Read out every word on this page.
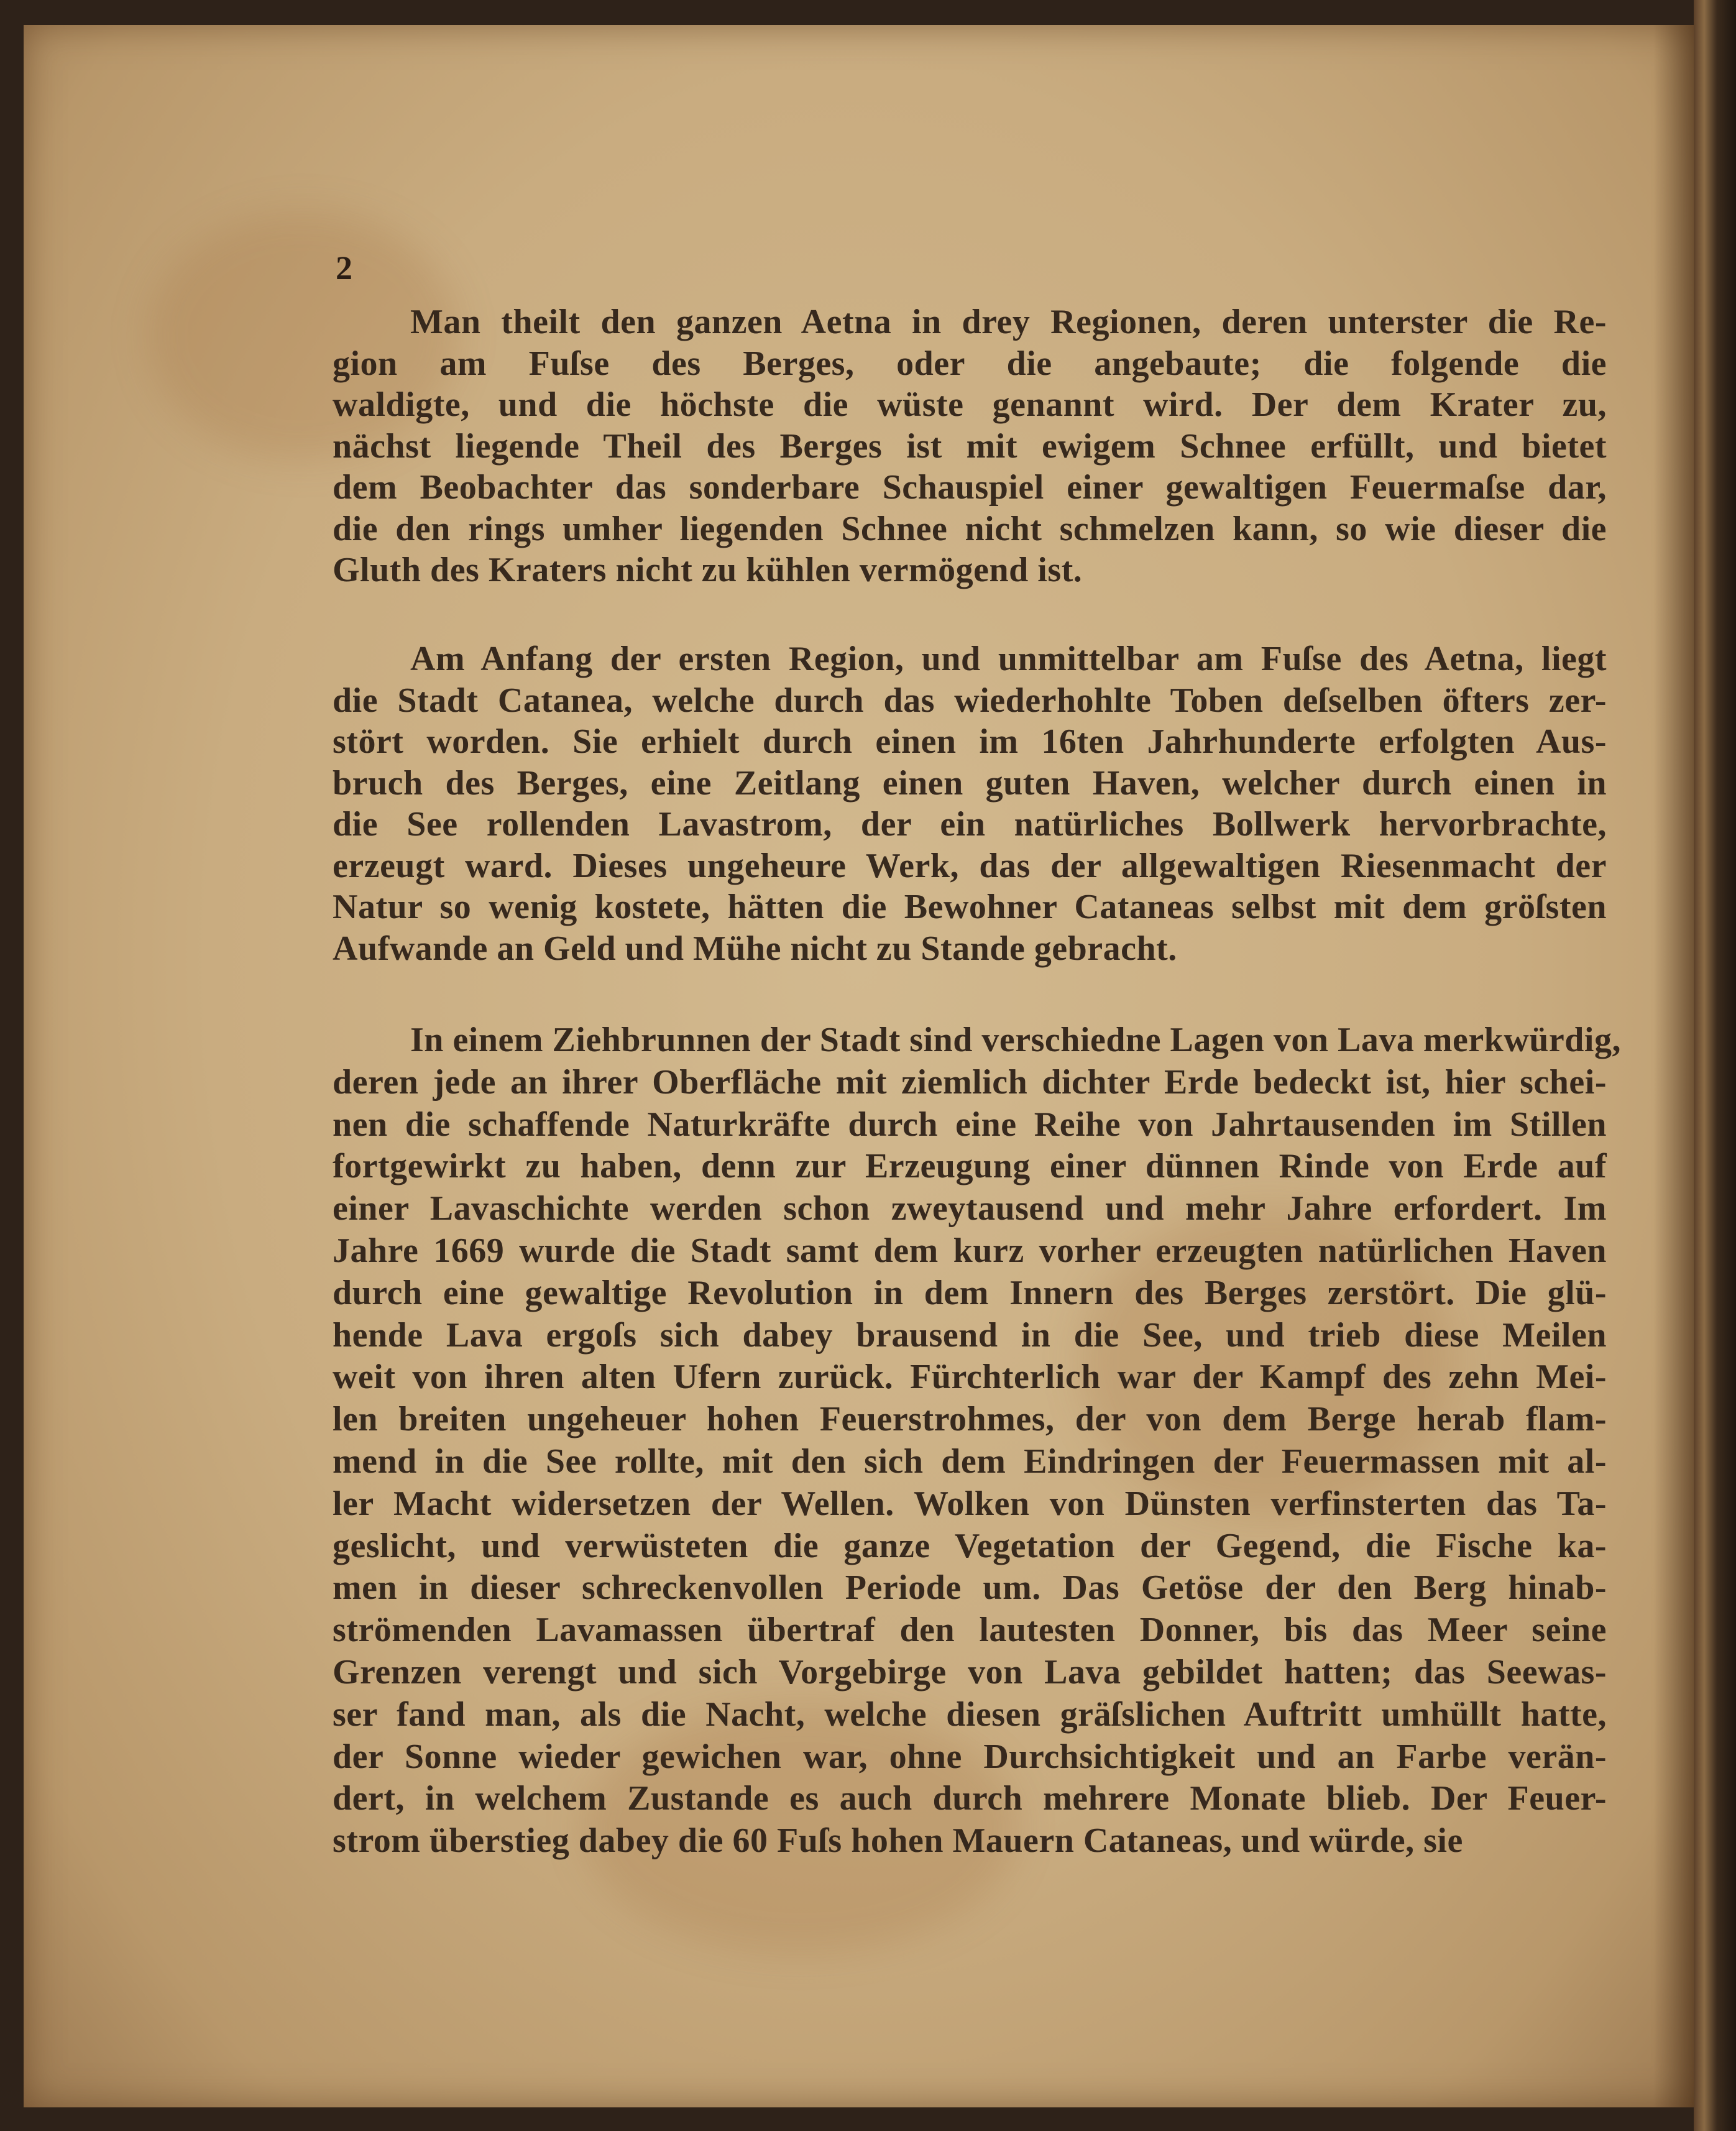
2
Man theilt den ganzen Aetna in drey Regionen, deren unterster die Re-
gion am Fuſse des Berges, oder die angebaute; die folgende die
waldigte, und die höchste die wüste genannt wird. Der dem Krater zu,
nächst liegende Theil des Berges ist mit ewigem Schnee erfüllt, und bietet
dem Beobachter das sonderbare Schauspiel einer gewaltigen Feuermaſse dar,
die den rings umher liegenden Schnee nicht schmelzen kann, so wie dieser die
Gluth des Kraters nicht zu kühlen vermögend ist.
Am Anfang der ersten Region, und unmittelbar am Fuſse des Aetna, liegt
die Stadt Catanea, welche durch das wiederhohlte Toben deſselben öfters zer-
stört worden. Sie erhielt durch einen im 16ten Jahrhunderte erfolgten Aus-
bruch des Berges, eine Zeitlang einen guten Haven, welcher durch einen in
die See rollenden Lavastrom, der ein natürliches Bollwerk hervorbrachte,
erzeugt ward. Dieses ungeheure Werk, das der allgewaltigen Riesenmacht der
Natur so wenig kostete, hätten die Bewohner Cataneas selbst mit dem gröſsten
Aufwande an Geld und Mühe nicht zu Stande gebracht.
In einem Ziehbrunnen der Stadt sind verschiedne Lagen von Lava merkwürdig,
deren jede an ihrer Oberfläche mit ziemlich dichter Erde bedeckt ist, hier schei-
nen die schaffende Naturkräfte durch eine Reihe von Jahrtausenden im Stillen
fortgewirkt zu haben, denn zur Erzeugung einer dünnen Rinde von Erde auf
einer Lavaschichte werden schon zweytausend und mehr Jahre erfordert. Im
Jahre 1669 wurde die Stadt samt dem kurz vorher erzeugten natürlichen Haven
durch eine gewaltige Revolution in dem Innern des Berges zerstört. Die glü-
hende Lava ergoſs sich dabey brausend in die See, und trieb diese Meilen
weit von ihren alten Ufern zurück. Fürchterlich war der Kampf des zehn Mei-
len breiten ungeheuer hohen Feuerstrohmes, der von dem Berge herab flam-
mend in die See rollte, mit den sich dem Eindringen der Feuermassen mit al-
ler Macht widersetzen der Wellen. Wolken von Dünsten verfinsterten das Ta-
geslicht, und verwüsteten die ganze Vegetation der Gegend, die Fische ka-
men in dieser schreckenvollen Periode um. Das Getöse der den Berg hinab-
strömenden Lavamassen übertraf den lautesten Donner, bis das Meer seine
Grenzen verengt und sich Vorgebirge von Lava gebildet hatten; das Seewas-
ser fand man, als die Nacht, welche diesen gräſslichen Auftritt umhüllt hatte,
der Sonne wieder gewichen war, ohne Durchsichtigkeit und an Farbe verän-
dert, in welchem Zustande es auch durch mehrere Monate blieb. Der Feuer-
strom überstieg dabey die 60 Fuſs hohen Mauern Cataneas, und würde, sie
